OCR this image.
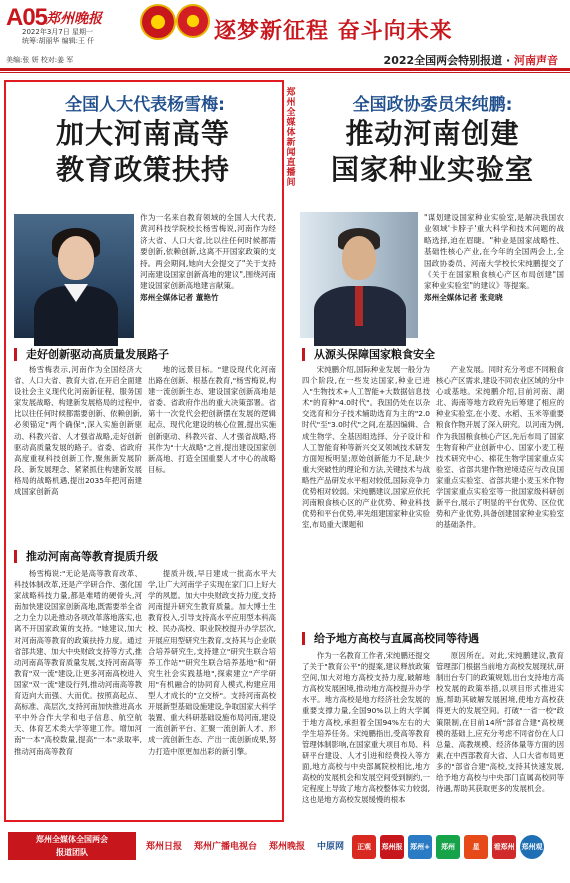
A05
郑州晚报
2022年3月7日 星期一
统筹:胡丽华 编辑:王 仟
美编:张 妍 校对:姜 军
逐梦新征程 奋斗向未来
2022全国两会特别报道 · 河南声音
郑
州
全
媒
体
新
闻
直
播
间
全国人大代表杨雪梅:
加大河南高等
教育政策扶持
作为一名来自教育领域的全国人大代表,黄河科技学院校长杨雪梅说,河南作为经济大省、人口大省,比以往任何时候都需要创新,依赖创新,这离不开国家政策的支持。两会期间,她向大会提交了"关于支持河南建设国家创新高地的建议",围绕河南建设国家创新高地建言献策。
郑州全媒体记者 董艳竹
走好创新驱动高质量发展路子

杨雪梅表示,河南作为全国经济大省、人口大省、教育大省,在开启全面建设社会主义现代化河南新征程、服务国家发展战略、构建新发展格局的过程中,比以往任何时候都需要创新、依赖创新,必须锚定"两个确保",深入实施创新驱动、科教兴省、人才强省战略,走好创新驱动高质量发展的路子。省委、省政府高度重视科技创新工作,聚焦新发展阶段、新发展理念、紧紧抓住构建新发展格局的战略机遇,提出2035年把河南建成国家创新高

地的远景目标。"建设现代化河南出路在创新、根基在教育,"杨雪梅说,构建一流创新生态、建设国家创新高地是省委、省政府作出的重大决策部署。省第十一次党代会把创新摆在发展的逻辑起点、现代化建设的核心位置,提出实施创新驱动、科教兴省、人才强省战略,将其作为"十大战略"之首,提出建设国家创新高地、打造全国重要人才中心的战略目标。

推动河南高等教育提质升级

杨雪梅说:"无论是高等教育改革、科技体制改革,还是产学研合作、强化国家战略科技力量,都是难啃的硬骨头,河南加快建设国家创新高地,既需要举全省之力全力以赴推动各项改革落地落实,也离不开国家政策的支持。"她建议,加大对河南高等教育的政策扶持力度。通过省部共建、加大中央财政支持等方式,推动河南高等教育质量发展,支持河南高等教育"双一流"建设,让更多河南高校进入国家"双一流"建设行列,推动河南高等教育迈向大而强、大而优。按照高起点、高标准、高层次,支持河南加快推进高水平中外合作大学和电子信息、航空航天、体育艺术类大学等建工作。增加河南"一本"高校数量,提高"一本"录取率,推动河南高等教育

提质升级,早日建成一批高水平大学,让广大河南学子实现在家门口上好大学的夙愿。加大中央财政支持力度,支持河南提升研究生教育质量。加大博士生教育投入,引导支持高水平应用型本科高校、民办高校、职业院校提升办学层次,开展应用型研究生教育,支持其与企业联合培养研究生,支持建立"研究生联合培养工作站""研究生联合培养基地"和"研究生社会实践基地",探索建立"产学研用"有机融合的协同育人模式,构建应用型人才成长的"立交桥"。支持河南高校开展新型基础设施建设,争取国家大科学装置、重大科研基础设施布局河南,建设一流创新平台、汇聚一流创新人才、形成一流创新生态、产出一流创新成果,努力打造中原更加出彩的新引擎。

全国政协委员宋纯鹏:
推动河南创建
国家种业实验室
"谋划建设国家种业实验室,是解决我国农业领域'卡脖子'重大科学和技术问题的战略选择,迫在眉睫。"种业是国家战略性、基础性核心产业,在今年的全国两会上,全国政协委员、河南大学校长宋纯鹏提交了《关于在国家粮食核心产区布局创建"国家种业实验室"的建议》等提案。
郑州全媒体记者 张竞晓
从源头保障国家粮食安全

宋纯鹏介绍,国际种业发展一般分为四个阶段,在一些发达国家,种业已进入"生物技术+人工智能+大数据信息技术"的育种"4.0时代"。我国仍处在以杂交选育和分子技术辅助选育为主的"2.0时代"至"3.0时代"之间,在基因编辑、合成生物学、全基因组选择、分子设计和人工智能育种等新兴交叉领域技术研发方面短板明显;原始创新能力不足,缺少重大突破性的理论和方法,关键技术与战略性产品研发水平相对较低,国际竞争力优势相对较弱。宋纯鹏建议,国家应依托河南粮食核心区的产业优势、种业科技优势和平台优势,率先组建国家种业实验室,布局重大课题和

产业发展。同时充分考虑不同粮食核心产区需求,建设不同农业区域的分中心或基地。宋纯鹏介绍,目前河南、湖北、海南等地方政府先后筹建了相应的种业实验室,在小麦、水稻、玉米等重要粮食作物开展了深入研究。以河南为例,作为我国粮食核心产区,先后布局了国家生物育种产业创新中心、国家小麦工程技术研究中心、棉花生物学国家重点实验室、省部共建作物逆境适应与改良国家重点实验室、省部共建小麦玉米作物学国家重点实验室等一批国家级科研创新平台,展示了明显的平台优势、区位优势和产业优势,具备创建国家种业实验室的基础条件。

给予地方高校与直属高校同等待遇

作为一名教育工作者,宋纯鹏还提交了关于"教育公平"的提案,建议释放政策空间,加大对地方高校支持力度,破解地方高校发展困境,推动地方高校提升办学水平。地方高校是地方经济社会发展的重要支撑力量,全国90%以上的大学属于地方高校,承担着全国94%左右的大学生培养任务。宋纯鹏指出,受高等教育管理体制影响,在国家重大项目布局、科研平台建设、人才引进和经费投入等方面,地方高校与中央部属院校相比,地方高校的发展机会和发展空间受到制约,一定程度上导致了地方高校整体实力较弱,这也是地方高校发展缓慢的根本

原因所在。对此,宋纯鹏建议,教育管理部门根据当前地方高校发展现状,研制出台专门的政策规划,出台支持地方高校发展的政策举措,以项目形式推进实施,帮助其破解发展困境,使地方高校获得更大的发展空间。打破"一省一校"政策限制,在目前14所"部省合建"高校规模的基础上,应充分考虑不同省份在人口总量、高教规模、经济体量等方面的因素,在中西部教育大省、人口大省布局更多的"部省合建"高校,支持其快速发展,给予地方高校与中央部门直属高校同等待遇,帮助其获取更多的发展机会。

郑州全媒体全国两会
报道团队
郑州日报	郑州广播电视台	郑州晚报	中原网	正观	郑州报 郑州+	郑州	星	看郑州 郑州观察
